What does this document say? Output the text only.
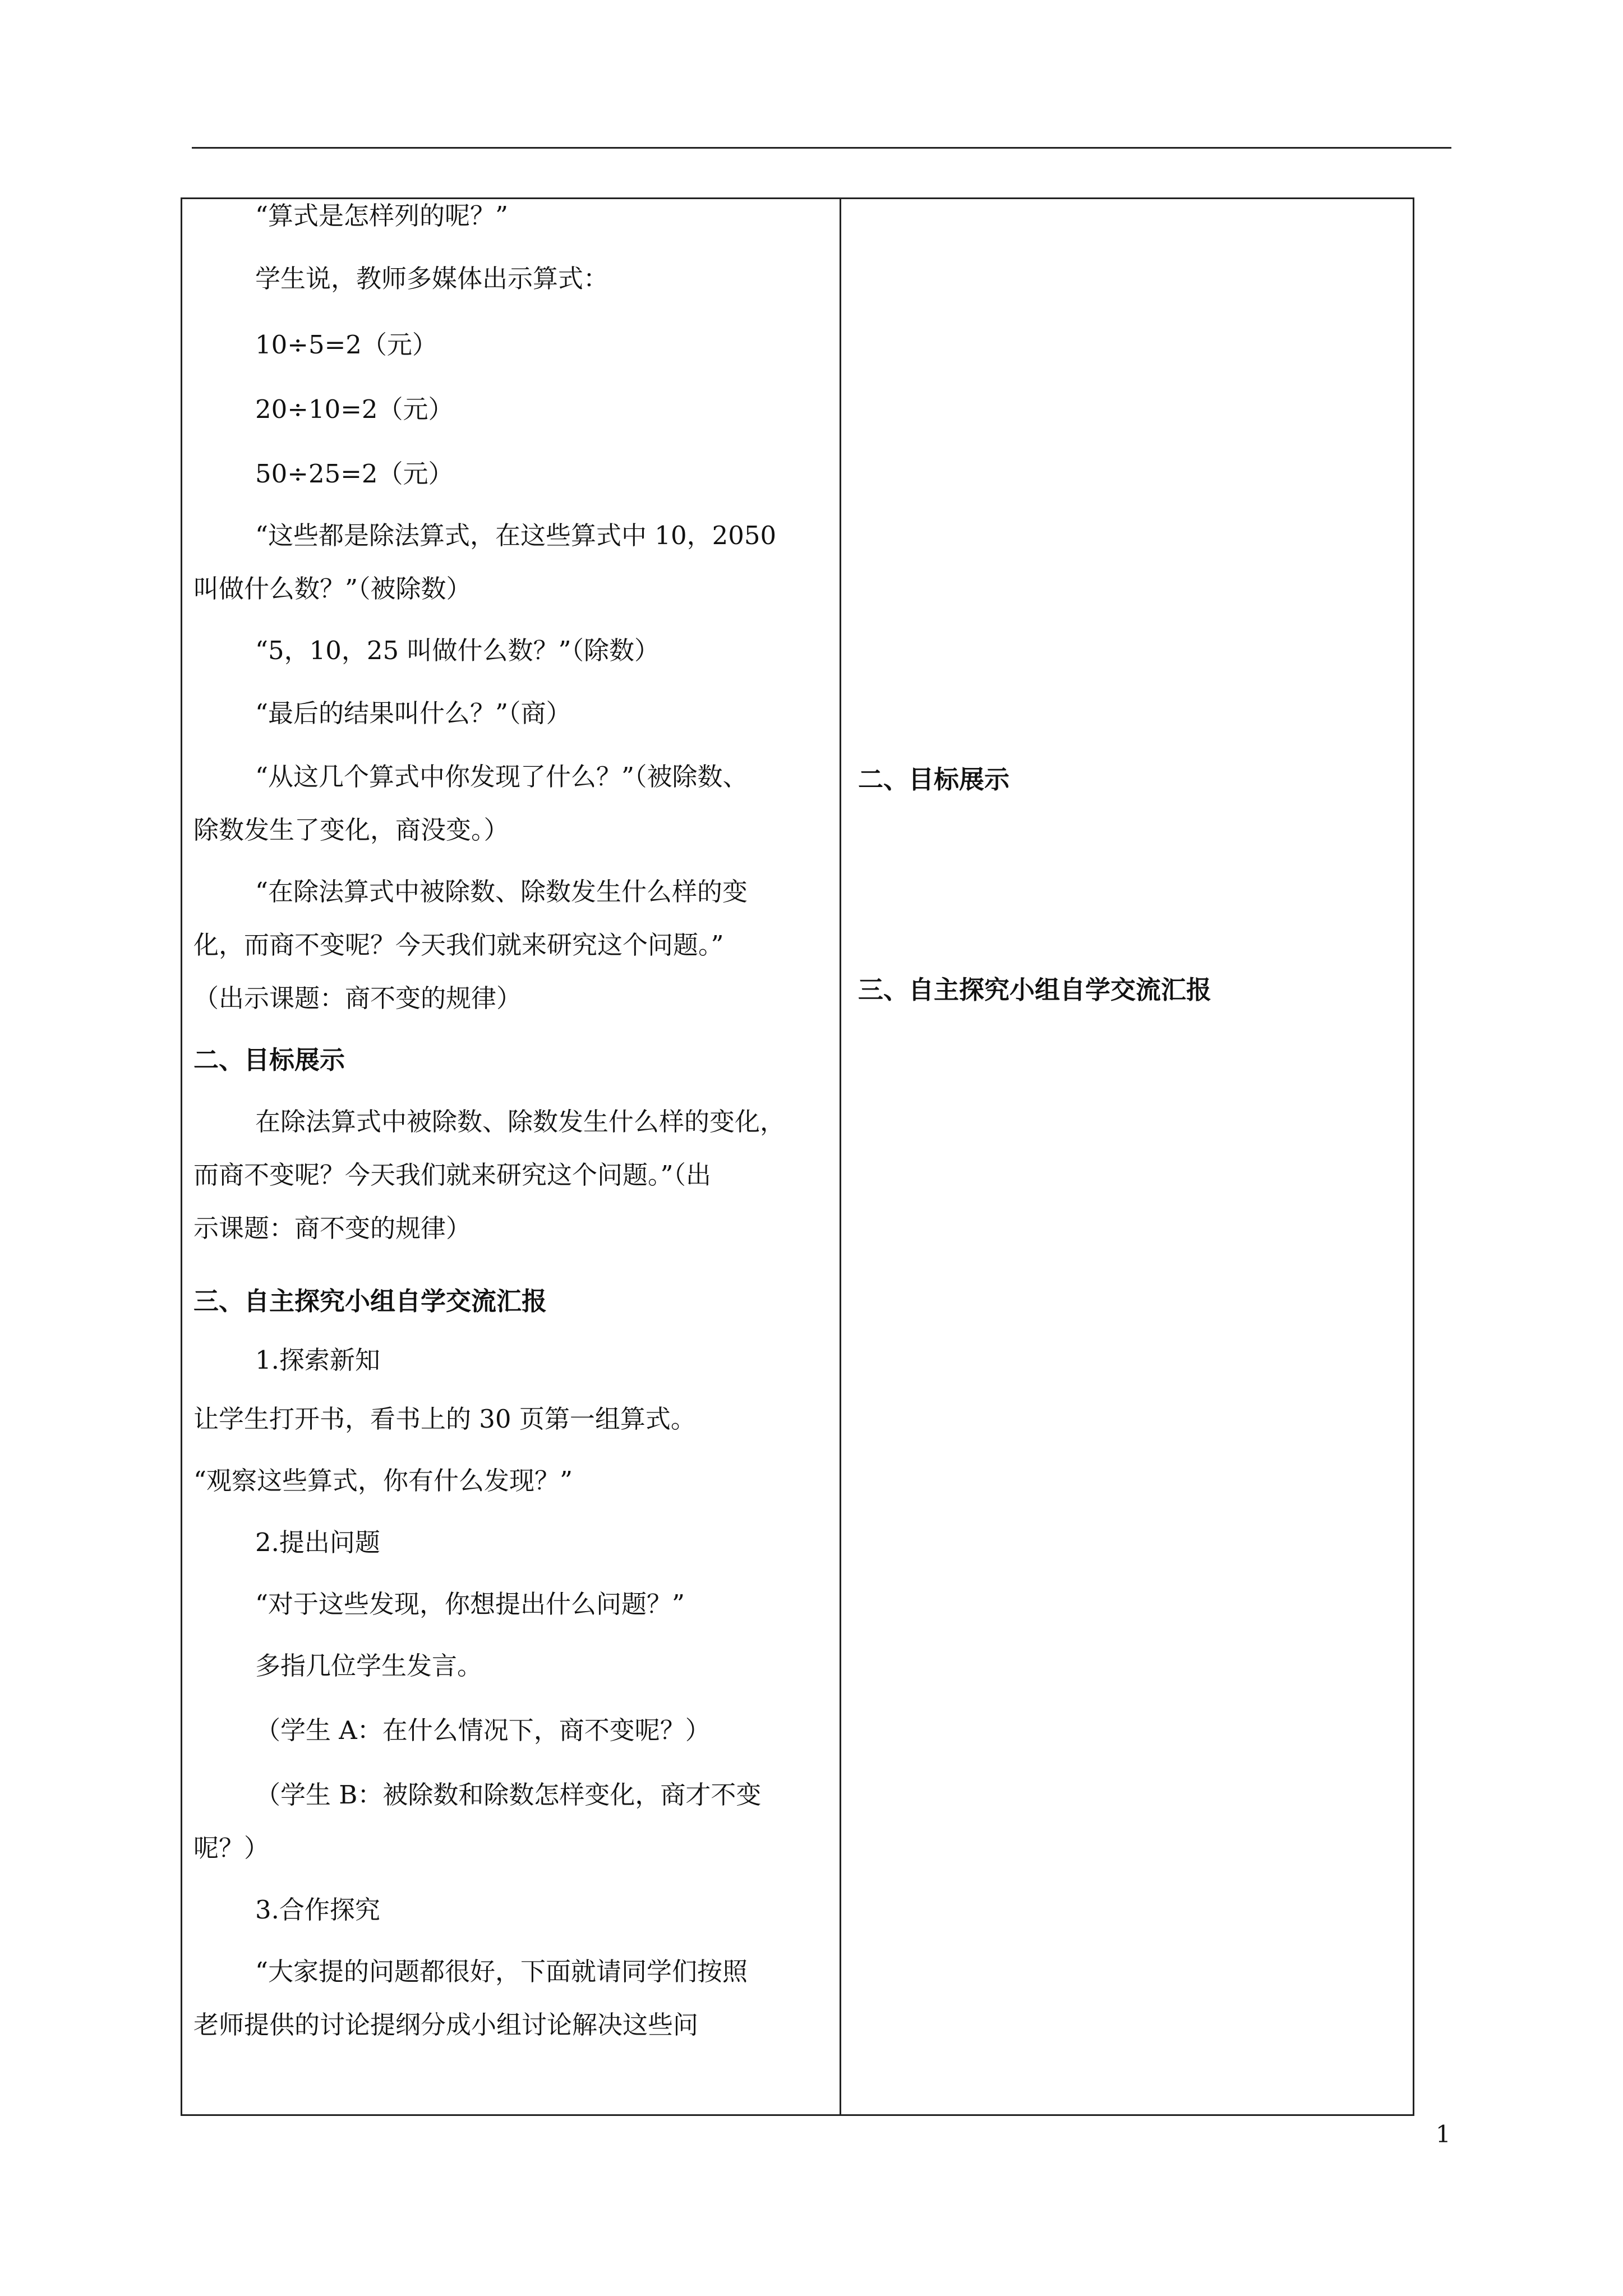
“算式是怎样列的呢？”
学生说，教师多媒体出示算式：
10÷5=2（元）
20÷10=2（元）
50÷25=2（元）
“这些都是除法算式，在这些算式中 10，2050
叫做什么数？”（被除数）
“5，10，25 叫做什么数？”（除数）
“最后的结果叫什么？”（商）
“从这几个算式中你发现了什么？”（被除数、
除数发生了变化，商没变。）
“在除法算式中被除数、除数发生什么样的变
化，而商不变呢？今天我们就来研究这个问题。”
（出示课题：商不变的规律）
二、目标展示
在除法算式中被除数、除数发生什么样的变化，
而商不变呢？今天我们就来研究这个问题。”（出
示课题：商不变的规律）
三、自主探究小组自学交流汇报
1.探索新知
让学生打开书，看书上的 30 页第一组算式。
“观察这些算式，你有什么发现？”
2.提出问题
“对于这些发现，你想提出什么问题？”
多指几位学生发言。
（学生 A：在什么情况下，商不变呢？）
（学生 B：被除数和除数怎样变化，商才不变
呢？）
3.合作探究
“大家提的问题都很好，下面就请同学们按照
老师提供的讨论提纲分成小组讨论解决这些问
二、目标展示
三、自主探究小组自学交流汇报
1
